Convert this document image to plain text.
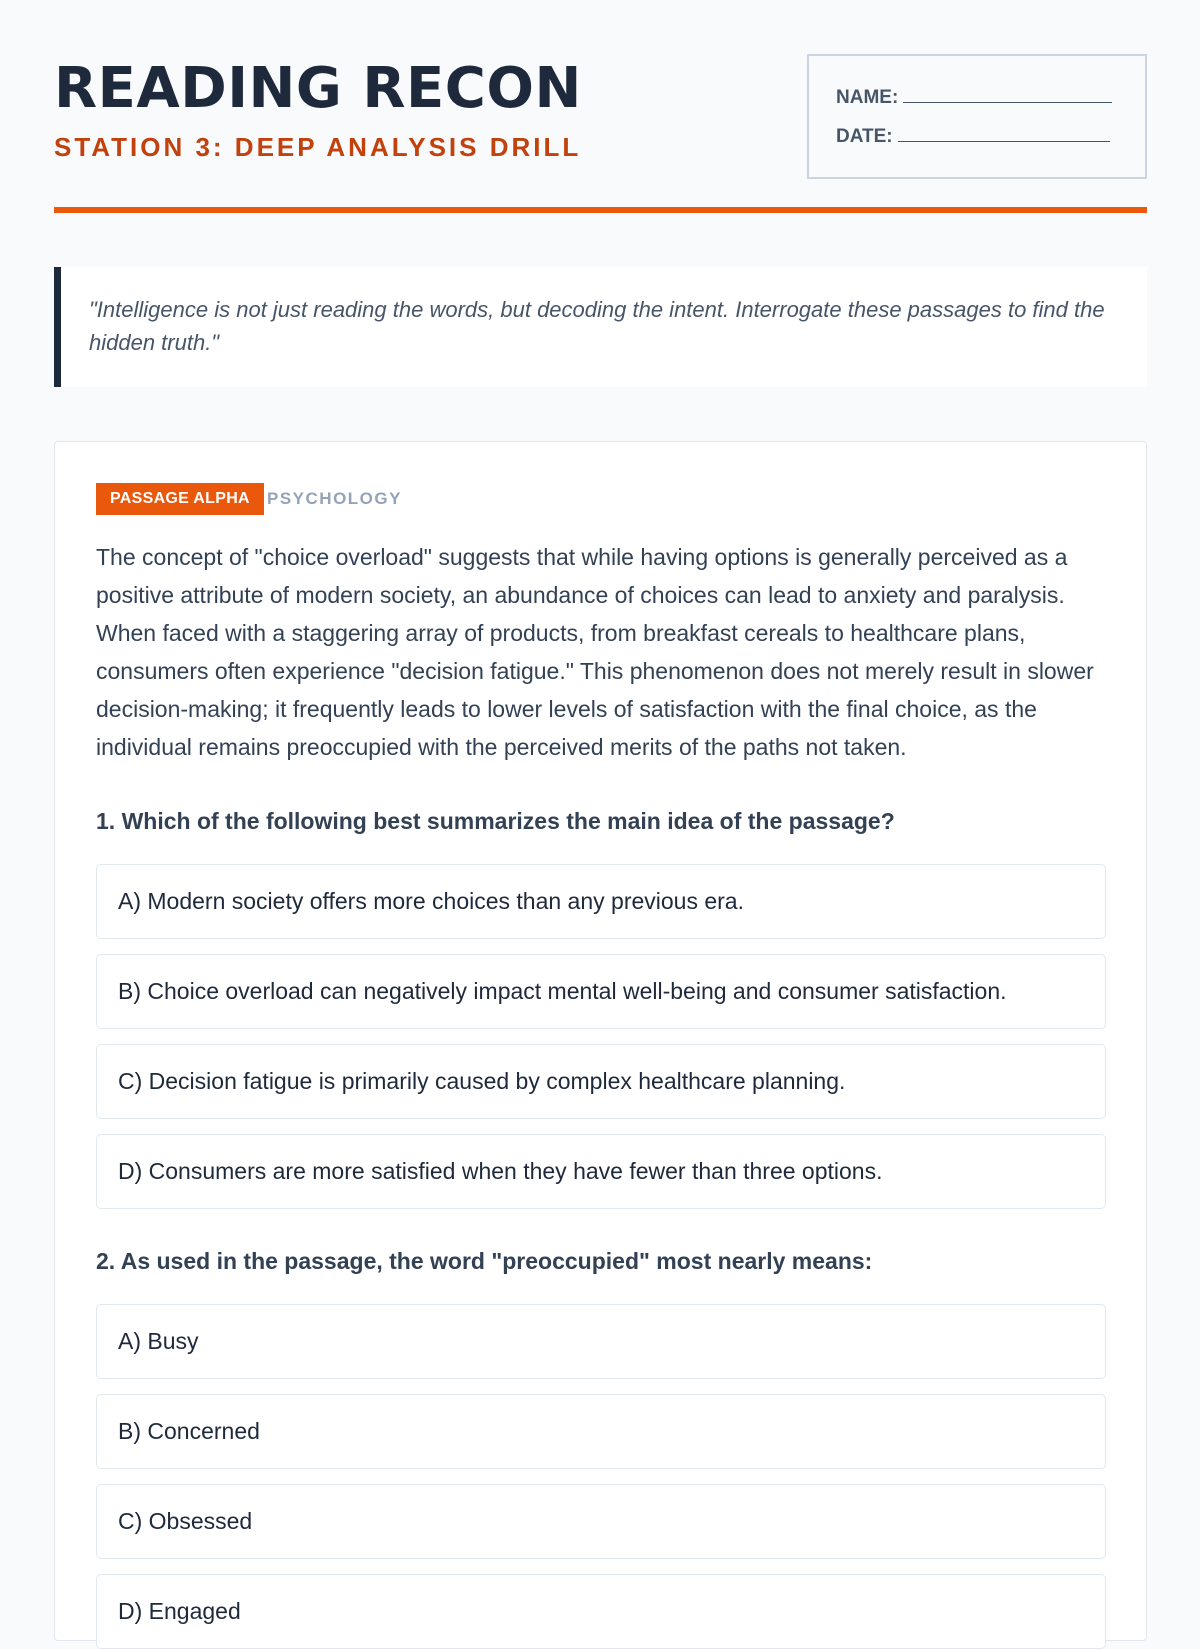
READING RECON
STATION 3: DEEP ANALYSIS DRILL
NAME:
DATE:
"Intelligence is not just reading the words, but decoding the intent. Interrogate these passages to find the hidden truth."
PASSAGE ALPHA	PSYCHOLOGY

The concept of "choice overload" suggests that while having options is generally perceived as a positive attribute of modern society, an abundance of choices can lead to anxiety and paralysis. When faced with a staggering array of products, from breakfast cereals to healthcare plans, consumers often experience "decision fatigue." This phenomenon does not merely result in slower decision-making; it frequently leads to lower levels of satisfaction with the final choice, as the individual remains preoccupied with the perceived merits of the paths not taken.

1. Which of the following best summarizes the main idea of the passage?
A) Modern society offers more choices than any previous era.
B) Choice overload can negatively impact mental well-being and consumer satisfaction.
C) Decision fatigue is primarily caused by complex healthcare planning.
D) Consumers are more satisfied when they have fewer than three options.
2. As used in the passage, the word "preoccupied" most nearly means:
A) Busy
B) Concerned
C) Obsessed
D) Engaged
